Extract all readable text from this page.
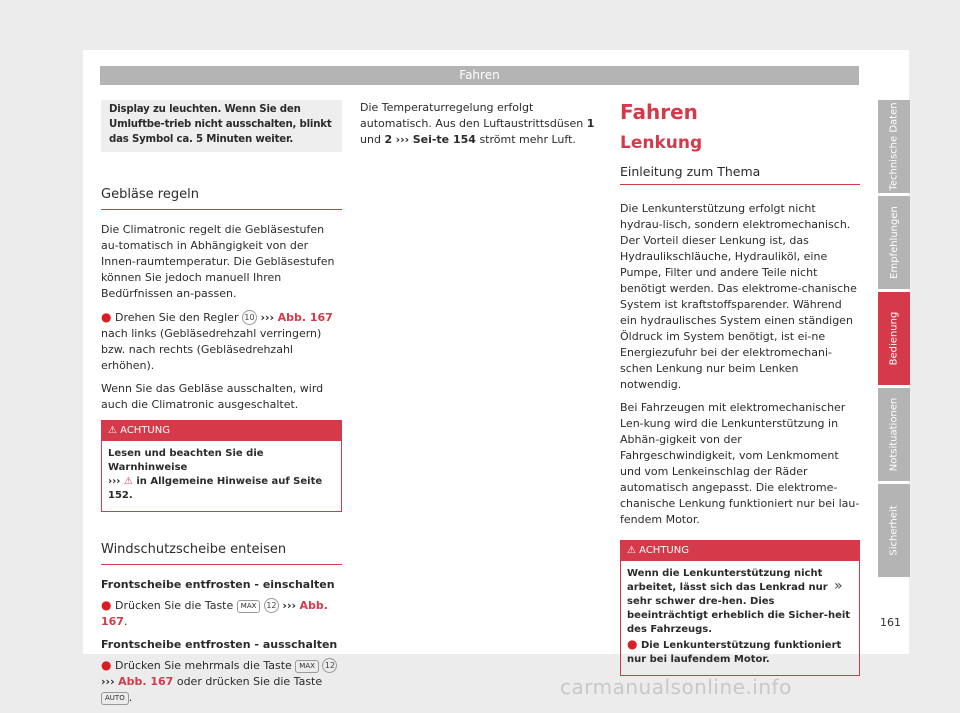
Fahren
Display zu leuchten. Wenn Sie den Umluftbe-trieb nicht ausschalten, blinkt das Symbol ca. 5 Minuten weiter.
Gebläse regeln

Die Climatronic regelt die Gebläsestufen au-tomatisch in Abhängigkeit von der Innen-raumtemperatur. Die Gebläsestufen können Sie jedoch manuell Ihren Bedürfnissen an-passen.

● Drehen Sie den Regler 10 ››› Abb. 167 nach links (Gebläsedrehzahl verringern) bzw. nach rechts (Gebläsedrehzahl erhöhen).

Wenn Sie das Gebläse ausschalten, wird auch die Climatronic ausgeschaltet.

⚠ ACHTUNG
Lesen und beachten Sie die Warnhinweise
››› ⚠ in Allgemeine Hinweise auf Seite 152.
Windschutzscheibe enteisen
Frontscheibe entfrosten - einschalten

● Drücken Sie die Taste MAX 12 ››› Abb. 167.

Frontscheibe entfrosten - ausschalten

● Drücken Sie mehrmals die Taste MAX 12
››› Abb. 167 oder drücken Sie die Taste AUTO .

Die Temperaturregelung erfolgt automatisch. Aus den Luftaustrittsdüsen 1 und 2 ››› Sei-te 154 strömt mehr Luft.

Fahren
Lenkung
Einleitung zum Thema

Die Lenkunterstützung erfolgt nicht hydrau-lisch, sondern elektromechanisch. Der Vorteil dieser Lenkung ist, das Hydraulikschläuche, Hydrauliköl, eine Pumpe, Filter und andere Teile nicht benötigt werden. Das elektrome-chanische System ist kraftstoffsparender. Während ein hydraulisches System einen ständigen Öldruck im System benötigt, ist ei-ne Energiezufuhr bei der elektromechani-schen Lenkung nur beim Lenken notwendig.

Bei Fahrzeugen mit elektromechanischer Len-kung wird die Lenkunterstützung in Abhän-gigkeit von der Fahrgeschwindigkeit, vom Lenkmoment und vom Lenkeinschlag der Räder automatisch angepasst. Die elektrome-chanische Lenkung funktioniert nur bei lau-fendem Motor.

⚠ ACHTUNG
Wenn die Lenkunterstützung nicht arbeitet, lässt sich das Lenkrad nur sehr schwer dre-hen. Dies beeinträchtigt erheblich die Sicher-heit des Fahrzeugs.
● Die Lenkunterstützung funktioniert nur bei laufendem Motor.
»
Technische Daten
Empfehlungen
Bedienung
Notsituationen
Sicherheit
161
carmanualsonline.info
